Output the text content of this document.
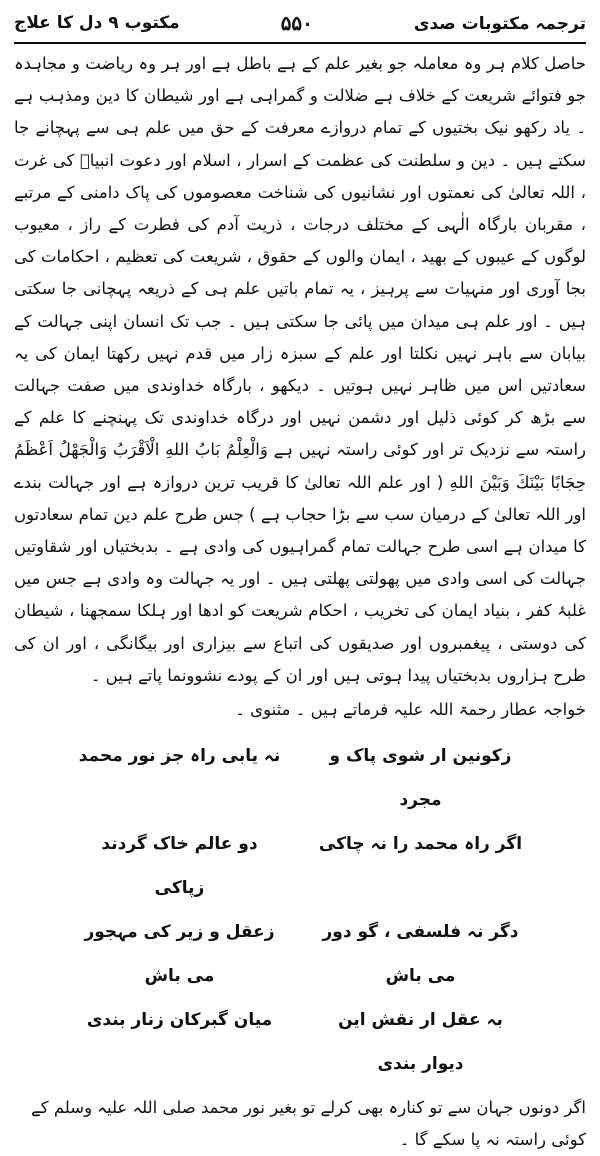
ترجمہ مکتوبات صدی
۵۵۰
مکتوب ۹ دل کا علاج

حاصل کلام ہر وہ معاملہ جو بغیر علم کے ہے باطل ہے اور ہر وہ ریاضت و مجاہدہ جو فتوائے شریعت کے خلاف ہے ضلالت و گمراہی ہے اور شیطان کا دین ومذہب ہے ۔ یاد رکھو نیک بختیوں کے تمام دروازے معرفت کے حق میں علم ہی سے پہچانے جا سکتے ہیں ۔ دین و سلطنت کی عظمت کے اسرار ، اسلام اور دعوت انبیاؑ کی غرت ، اللہ تعالیٰ کی نعمتوں اور نشانیوں کی شناخت معصوموں کی پاک دامنی کے مرتبے ، مقربان بارگاہ الٰہی کے مختلف درجات ، ذریت آدم کی فطرت کے راز ، معیوب لوگوں کے عیبوں کے بھید ، ایمان والوں کے حقوق ، شریعت کی تعظیم ، احکامات کی بجا آوری اور منہیات سے پرہیز ، یہ تمام باتیں علم ہی کے ذریعہ پہچانی جا سکتی ہیں ۔ اور علم ہی میدان میں پائی جا سکتی ہیں ۔ جب تک انسان اپنی جہالت کے بیابان سے باہر نہیں نکلتا اور علم کے سبزہ زار میں قدم نہیں رکھتا ایمان کی یہ سعادتیں اس میں ظاہر نہیں ہوتیں ۔ دیکھو ، بارگاہ خداوندی میں صفت جہالت سے بڑھ کر کوئی ذلیل اور دشمن نہیں اور درگاہ خداوندی تک پہنچنے کا علم کے راستہ سے نزدیک تر اور کوئی راستہ نہیں ہے وَالْعِلْمُ بَابُ اللهِ الْاَقْرَبُ وَالْجَهْلُ اَعْظَمُ حِجَابًا بَيْنَكَ وَبَيْنَ اللهِ ( اور علم اللہ تعالیٰ کا قریب ترین دروازہ ہے اور جہالت بندے اور اللہ تعالیٰ کے درمیان سب سے بڑا حجاب ہے ) جس طرح علم دین تمام سعادتوں کا میدان ہے اسی طرح جہالت تمام گمراہیوں کی وادی ہے ۔ بدبختیاں اور شقاوتیں جہالت کی اسی وادی میں پھولتی پھلتی ہیں ۔ اور یہ جہالت وہ وادی ہے جس میں غلبۂ کفر ، بنیاد ایمان کی تخریب ، احکام شریعت کو ادھا اور ہلکا سمجھنا ، شیطان کی دوستی ، پیغمبروں اور صدیقوں کی اتباع سے بیزاری اور بیگانگی ، اور ان کی طرح ہزاروں بدبختیاں پیدا ہوتی ہیں اور ان کے پودے نشوونما پاتے ہیں ۔

خواجہ عطار رحمۃ اللہ علیہ فرماتے ہیں ۔ مثنوی ۔

زکونین ار شوی پاک و مجرد
نہ یابی راہ جز نور محمد
اگر راہ محمد را نہ چاکی
دو عالم خاک گردند زپاکی
دگر نہ فلسفی ، گو دور می باش
زعقل و زیر کی مہجور می باش
بہ عقل ار نقش این دیوار بندی
میان گبرکان زنار بندی
اگر دونوں جہان سے تو کنارہ بھی کرلے تو بغیر نور محمد صلی اللہ علیہ وسلم کے کوئی راستہ نہ پا سکے گا ۔
